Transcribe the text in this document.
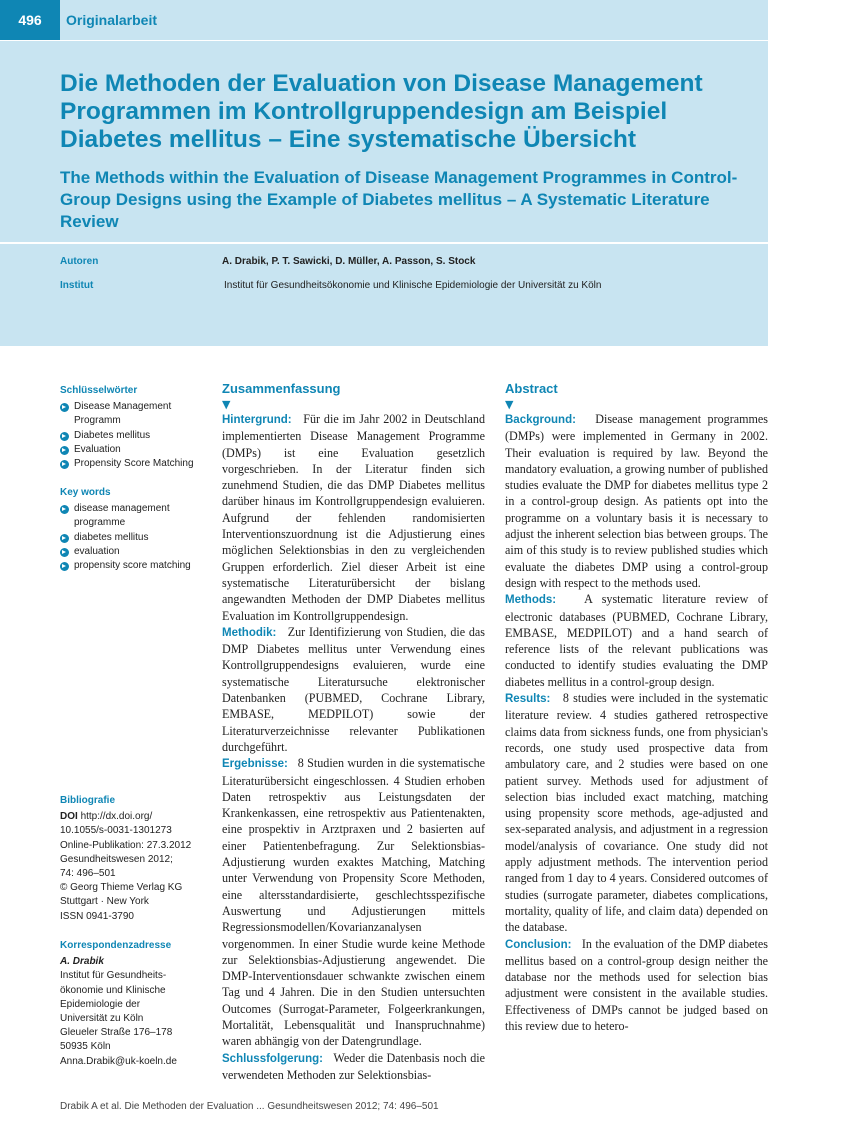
496	Originalarbeit
Die Methoden der Evaluation von Disease Management Programmen im Kontrollgruppendesign am Beispiel Diabetes mellitus – Eine systematische Übersicht
The Methods within the Evaluation of Disease Management Programmes in Control-Group Designs using the Example of Diabetes mellitus – A Systematic Literature Review
Autoren	A. Drabik, P. T. Sawicki, D. Müller, A. Passon, S. Stock
Institut	Institut für Gesundheitsökonomie und Klinische Epidemiologie der Universität zu Köln
Schlüsselwörter
Disease Management Programm
Diabetes mellitus
Evaluation
Propensity Score Matching
Key words
disease management programme
diabetes mellitus
evaluation
propensity score matching
Bibliografie
DOI http://dx.doi.org/
10.1055/s-0031-1301273
Online-Publikation: 27.3.2012
Gesundheitswesen 2012;
74: 496–501
© Georg Thieme Verlag KG
Stuttgart · New York
ISSN 0941-3790
Korrespondenzadresse
A. Drabik
Institut für Gesundheits-
ökonomie und Klinische
Epidemiologie der
Universität zu Köln
Gleueler Straße 176–178
50935 Köln
Anna.Drabik@uk-koeln.de
Zusammenfassung
▼

Hintergrund: Für die im Jahr 2002 in Deutschland implementierten Disease Management Programme (DMPs) ist eine Evaluation gesetzlich vorgeschrieben. In der Literatur finden sich zunehmend Studien, die das DMP Diabetes mellitus darüber hinaus im Kontrollgruppendesign evaluieren. Aufgrund der fehlenden randomisierten Interventionszuordnung ist die Adjustierung eines möglichen Selektionsbias in den zu vergleichenden Gruppen erforderlich. Ziel dieser Arbeit ist eine systematische Literaturübersicht der bislang angewandten Methoden der DMP Diabetes mellitus Evaluation im Kontrollgruppendesign.

Methodik: Zur Identifizierung von Studien, die das DMP Diabetes mellitus unter Verwendung eines Kontrollgruppendesigns evaluieren, wurde eine systematische Literatursuche elektronischer Datenbanken (PUBMED, Cochrane Library, EMBASE, MEDPILOT) sowie der Literaturverzeichnisse relevanter Publikationen durchgeführt.

Ergebnisse: 8 Studien wurden in die systematische Literaturübersicht eingeschlossen. 4 Studien erhoben Daten retrospektiv aus Leistungsdaten der Krankenkassen, eine retrospektiv aus Patientenakten, eine prospektiv in Arztpraxen und 2 basierten auf einer Patientenbefragung. Zur Selektionsbias-Adjustierung wurden exaktes Matching, Matching unter Verwendung von Propensity Score Methoden, eine altersstandardisierte, geschlechtsspezifische Auswertung und Adjustierungen mittels Regressionsmodellen/Kovarianzanalysen vorgenommen. In einer Studie wurde keine Methode zur Selektionsbias-Adjustierung angewendet. Die DMP-Interventionsdauer schwankte zwischen einem Tag und 4 Jahren. Die in den Studien untersuchten Outcomes (Surrogat-Parameter, Folgeerkrankungen, Mortalität, Lebensqualität und Inanspruchnahme) waren abhängig von der Datengrundlage.

Schlussfolgerung: Weder die Datenbasis noch die verwendeten Methoden zur Selektionsbias-

Abstract
▼

Background: Disease management programmes (DMPs) were implemented in Germany in 2002. Their evaluation is required by law. Beyond the mandatory evaluation, a growing number of published studies evaluate the DMP for diabetes mellitus type 2 in a control-group design. As patients opt into the programme on a voluntary basis it is necessary to adjust the inherent selection bias between groups. The aim of this study is to review published studies which evaluate the diabetes DMP using a control-group design with respect to the methods used.

Methods: A systematic literature review of electronic databases (PUBMED, Cochrane Library, EMBASE, MEDPILOT) and a hand search of reference lists of the relevant publications was conducted to identify studies evaluating the DMP diabetes mellitus in a control-group design.

Results: 8 studies were included in the systematic literature review. 4 studies gathered retrospective claims data from sickness funds, one from physician's records, one study used prospective data from ambulatory care, and 2 studies were based on one patient survey. Methods used for adjustment of selection bias included exact matching, matching using propensity score methods, age-adjusted and sex-separated analysis, and adjustment in a regression model/analysis of covariance. One study did not apply adjustment methods. The intervention period ranged from 1 day to 4 years. Considered outcomes of studies (surrogate parameter, diabetes complications, mortality, quality of life, and claim data) depended on the database.

Conclusion: In the evaluation of the DMP diabetes mellitus based on a control-group design neither the database nor the methods used for selection bias adjustment were consistent in the available studies. Effectiveness of DMPs cannot be judged based on this review due to hetero-

Drabik A et al. Die Methoden der Evaluation ... Gesundheitswesen 2012; 74: 496–501
